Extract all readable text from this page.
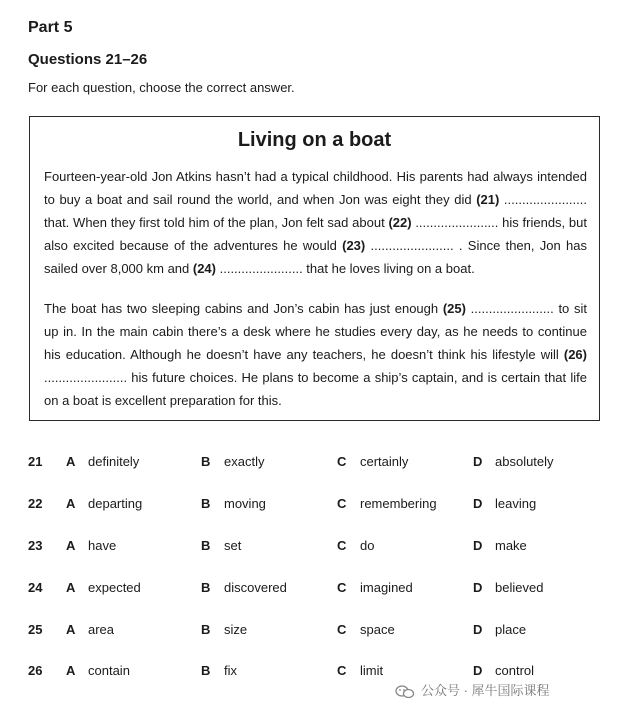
Part 5
Questions 21–26
For each question, choose the correct answer.
Living on a boat
Fourteen-year-old Jon Atkins hasn’t had a typical childhood. His parents had always intended to buy a boat and sail round the world, and when Jon was eight they did (21) ....................... that. When they first told him of the plan, Jon felt sad about (22) ....................... his friends, but also excited because of the adventures he would (23) ....................... . Since then, Jon has sailed over 8,000 km and (24) ....................... that he loves living on a boat.
The boat has two sleeping cabins and Jon’s cabin has just enough (25) ....................... to sit up in. In the main cabin there’s a desk where he studies every day, as he needs to continue his education. Although he doesn’t have any teachers, he doesn’t think his lifestyle will (26) ....................... his future choices. He plans to become a ship’s captain, and is certain that life on a boat is excellent preparation for this.
21 A definitely	B exactly	C certainly	D absolutely
22 A departing	B moving	C remembering	D leaving
23 A have	B set	C do	D make
24 A expected	B discovered	C imagined	D believed
25 A area	B size	C space	D place
26 A contain	B fix	C limit	D control
公众号 · 犀牛国际课程
